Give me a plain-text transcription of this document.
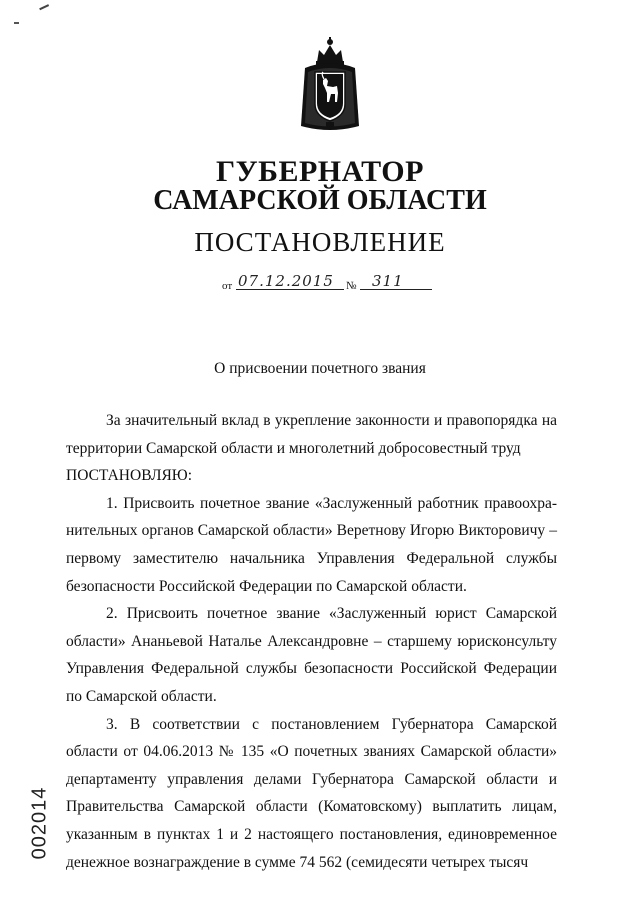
ГУБЕРНАТОР
САМАРСКОЙ ОБЛАСТИ
ПОСТАНОВЛЕНИЕ
от 07.12.2015 № 311
О присвоении почетного звания

За значительный вклад в укрепление законности и правопорядка на территории Самарской области и многолетний добросовестный труд

ПОСТАНОВЛЯЮ:

1. Присвоить почетное звание «Заслуженный работник правоохра-нительных органов Самарской области» Веретнову Игорю Викторовичу – первому заместителю начальника Управления Федеральной службы безопасности Российской Федерации по Самарской области.

2. Присвоить почетное звание «Заслуженный юрист Самарской области» Ананьевой Наталье Александровне – старшему юрисконсульту Управления Федеральной службы безопасности Российской Федерации по Самарской области.

3. В соответствии с постановлением Губернатора Самарской области от 04.06.2013 № 135 «О почетных званиях Самарской области» департаменту управления делами Губернатора Самарской области и Правительства Самарской области (Коматовскому) выплатить лицам, указанным в пунктах 1 и 2 настоящего постановления, единовременное денежное вознаграждение в сумме 74 562 (семидесяти четырех тысяч

002014
